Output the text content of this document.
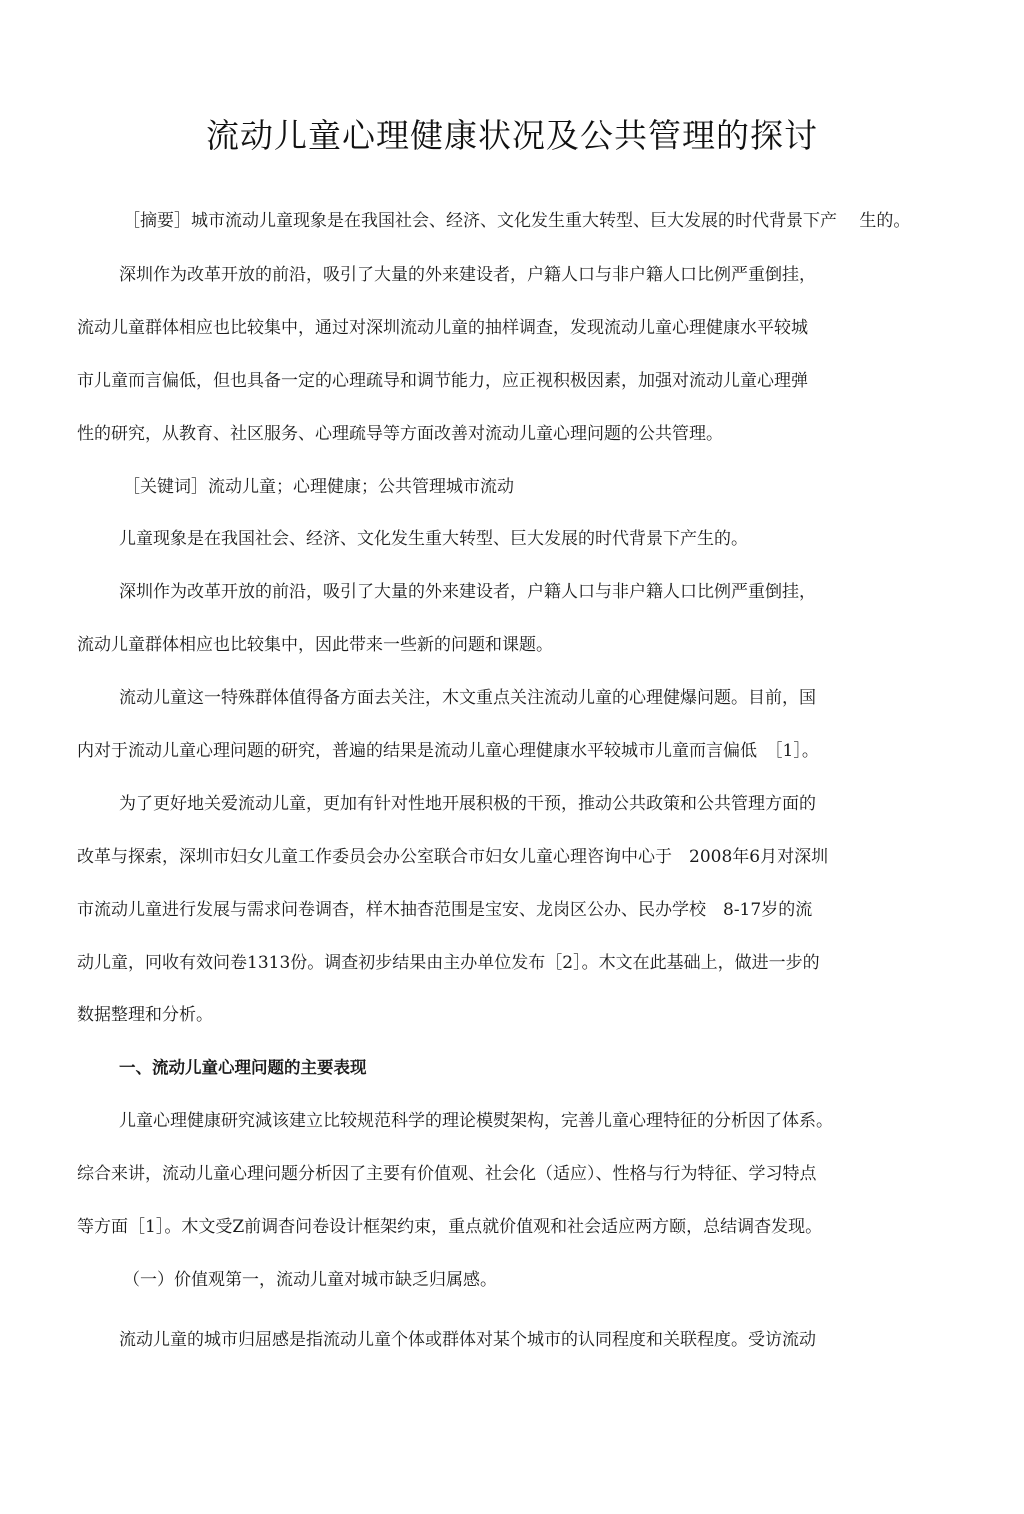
流动儿童心理健康状况及公共管理的探讨

［摘要］城市流动儿童现象是在我国社会、经济、文化发生重大转型、巨大发展的时代背景下产　 生的。

深圳作为改革开放的前沿，吸引了大量的外来建设者，户籍人口与非户籍人口比例严重倒挂，

流动儿童群体相应也比较集中，通过对深圳流动儿童的抽样调查，发现流动儿童心理健康水平较城

市儿童而言偏低，但也具备一定的心理疏导和调节能力，应正视积极因素，加强对流动儿童心理弹

性的研究，从教育、社区服务、心理疏导等方面改善对流动儿童心理问题的公共管理。

［关键词］流动儿童；心理健康；公共管理城市流动

儿童现象是在我国社会、经济、文化发生重大转型、巨大发展的时代背景下产生的。

深圳作为改革开放的前沿，吸引了大量的外来建设者，户籍人口与非户籍人口比例严重倒挂，

流动儿童群体相应也比较集中，因此带来一些新的问题和课题。

流动儿童这一特殊群体值得备方面去关注，木文重点关注流动儿童的心理健爆问题。目前，国

内对于流动儿童心理问题的研究，普遍的结果是流动儿童心理健康水平较城市儿童而言偏低　［1］。

为了更好地关爱流动儿童，更加有针对性地开展积极的干预，推动公共政策和公共管理方面的

改革与探索，深圳市妇女儿童工作委员会办公室联合市妇女儿童心理咨询中心于　2008年6月对深圳

市流动儿童进行发展与需求问卷调杳，样木抽杳范围是宝安、龙岗区公办、民办学校　8-17岁的流

动儿童，冋收有效问卷1313份。调查初步结果由主办单位发布［2］。木文在此基础上，做进一步的

数据整理和分析。

一、流动儿童心理问题的主要表现

儿童心理健康研究減该建立比较规范科学的理论模熨架构，完善儿童心理特征的分析因了体系。

综合来讲，流动儿童心理问题分析因了主要有价值观、社会化（适应）、性格与行为特征、学习特点

等方面［1］。木文受Z前调杳问卷设计框架约束，重点就价值观和社会适应两方颐，总结调杳发现。

（一）价值观第一，流动儿童对城市缺乏归属感。

流动儿童的城市归屈感是指流动儿童个体或群体对某个城市的认同程度和关联程度。受访流动
